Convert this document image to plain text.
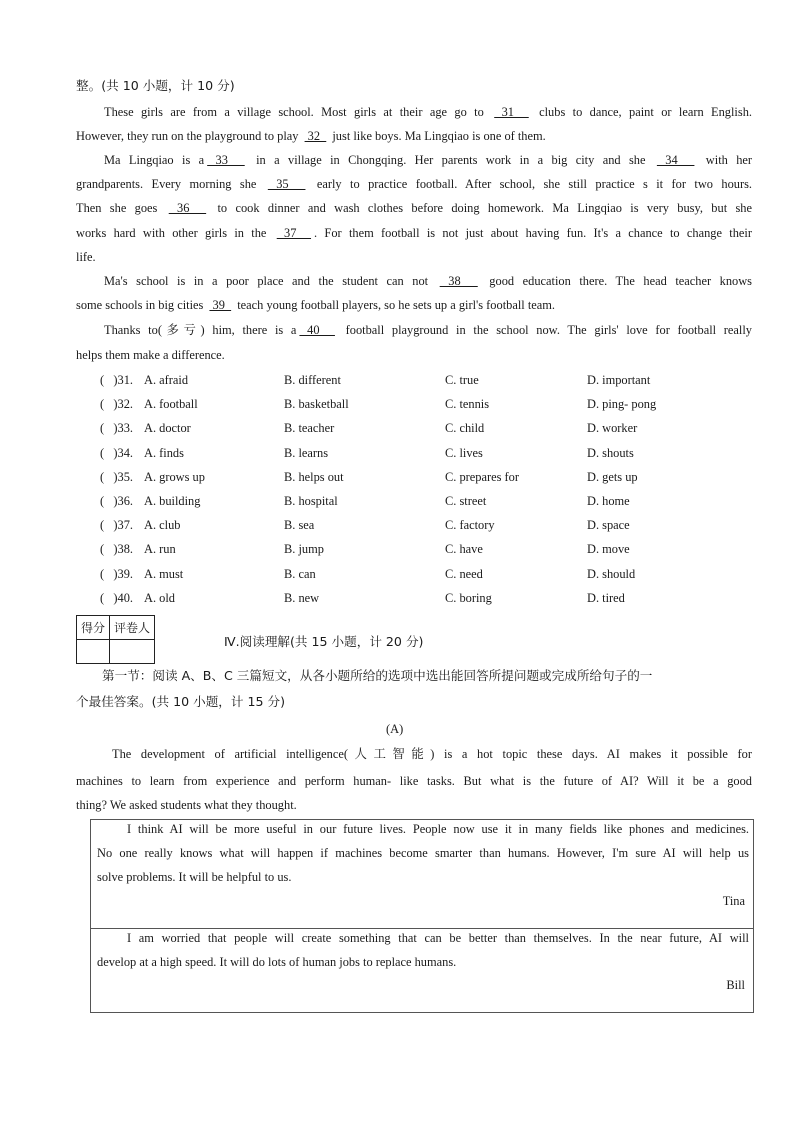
整。(共 10 小题，计 10 分)
These girls are from a village school. Most girls at their age go to  31   clubs to dance, paint or learn English.
However, they run on the playground to play  32   just like boys. Ma Lingqiao is one of them.
Ma Lingqiao is a 33   in a village in Chongqing. Her parents work in a big city and she  34   with her
grandparents. Every morning she  35   early to practice football. After school, she still practice s it for two hours.
Then she goes  36   to cook dinner and wash clothes before doing homework. Ma Lingqiao is very busy, but she
works hard with other girls in the  37  . For them football is not just about having fun. It's a chance to change their
life.
Ma's school is in a poor place and the student can not  38   good education there. The head teacher knows
some schools in big cities  39   teach young football players, so he sets up a girl's football team.
Thanks to(多亏) him, there is a 40   football playground in the school now. The girls' love for football really
helps them make a difference.
(   )31. A. afraid	B. different	C. true	D. important
(   )32. A. football	B. basketball	C. tennis	D. ping- pong
(   )33. A. doctor	B. teacher	C. child	D. worker
(   )34. A. finds	B. learns	C. lives	D. shouts
(   )35. A. grows up	B. helps out	C. prepares for	D. gets up
(   )36. A. building	B. hospital	C. street	D. home
(   )37. A. club	B. sea	C. factory	D. space
(   )38. A. run	B. jump	C. have	D. move
(   )39. A. must	B. can	C. need	D. should
(   )40. A. old	B. new	C. boring	D. tired
得分	评卷人

Ⅳ.阅读理解(共 15 小题，计 20 分)
第一节：阅读 A、B、C 三篇短文，从各小题所给的选项中选出能回答所提问题或完成所给句子的一
个最佳答案。(共 10 小题，计 15 分)
(A)
The development of artificial intelligence(人工智能) is a hot topic these days. AI makes it possible for
machines to learn from experience and perform human- like tasks. But what is the future of AI? Will it be a good
thing? We asked students what they thought.
I think AI will be more useful in our future lives. People now use it in many fields like phones and medicines.
No one really knows what will happen if machines become smarter than humans. However, I'm sure AI will help us
solve problems. It will be helpful to us.
Tina
I am worried that people will create something that can be better than themselves. In the near future, AI will
develop at a high speed. It will do lots of human jobs to replace humans.
Bill
